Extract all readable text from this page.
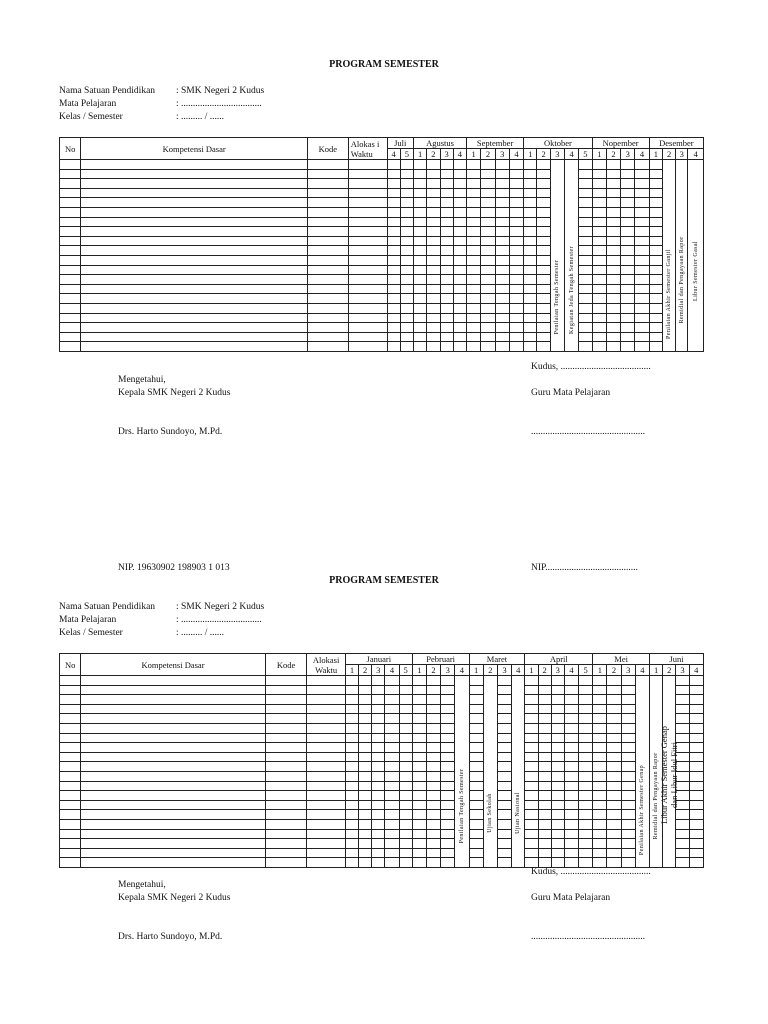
PROGRAM SEMESTER
Nama Satuan Pendidikan	: SMK Negeri 2 Kudus
Mata Pelajaran	: ..................................
Kelas / Semester	: ......... / ......
No	Kompetensi Dasar	Kode	Alokas i Waktu	Juli		Agustus				September				Oktober					Nopember				Desember			
				4	5	1	2	3	4	1	2	3	4	1	2	3	4	5	1	2	3	4	1	2	3	4

																Penilaian Tengah Semester	Kegiatan Jeda Tengah Semester							Penilaian Akhir Semester Ganjil	Remidial dan Pengayaan Rapor	Libur Semester Gasal

Kudus, ......................................
Mengetahui,
Kepala SMK Negeri 2 Kudus	Guru Mata Pelajaran
Drs. Harto Sundoyo, M.Pd.	................................................
NIP. 19630902 198903 1 013	NIP.......................................
PROGRAM SEMESTER
Nama Satuan Pendidikan	: SMK Negeri 2 Kudus
Mata Pelajaran	: ..................................
Kelas / Semester	: ......... / ......
No	Kompetensi Dasar	Kode	Alokasi Waktu	Januari					Pebruari				Maret				April					Mei				Juni			
				1	2	3	4	5	1	2	3	4	1	2	3	4	1	2	3	4	5	1	2	3	4	1	2	3	4

												Penilaian Tengah Semester		Ujian Sekolah		Ujian Nasional									Penilaian Akhir Semester Genap	Remidial dan Pengayaan Rapor	Libur Akhir Semester Genap
dan Libur Idul Fitri		

Kudus, ......................................
Mengetahui,
Kepala SMK Negeri 2 Kudus	Guru Mata Pelajaran
Drs. Harto Sundoyo, M.Pd.	................................................
